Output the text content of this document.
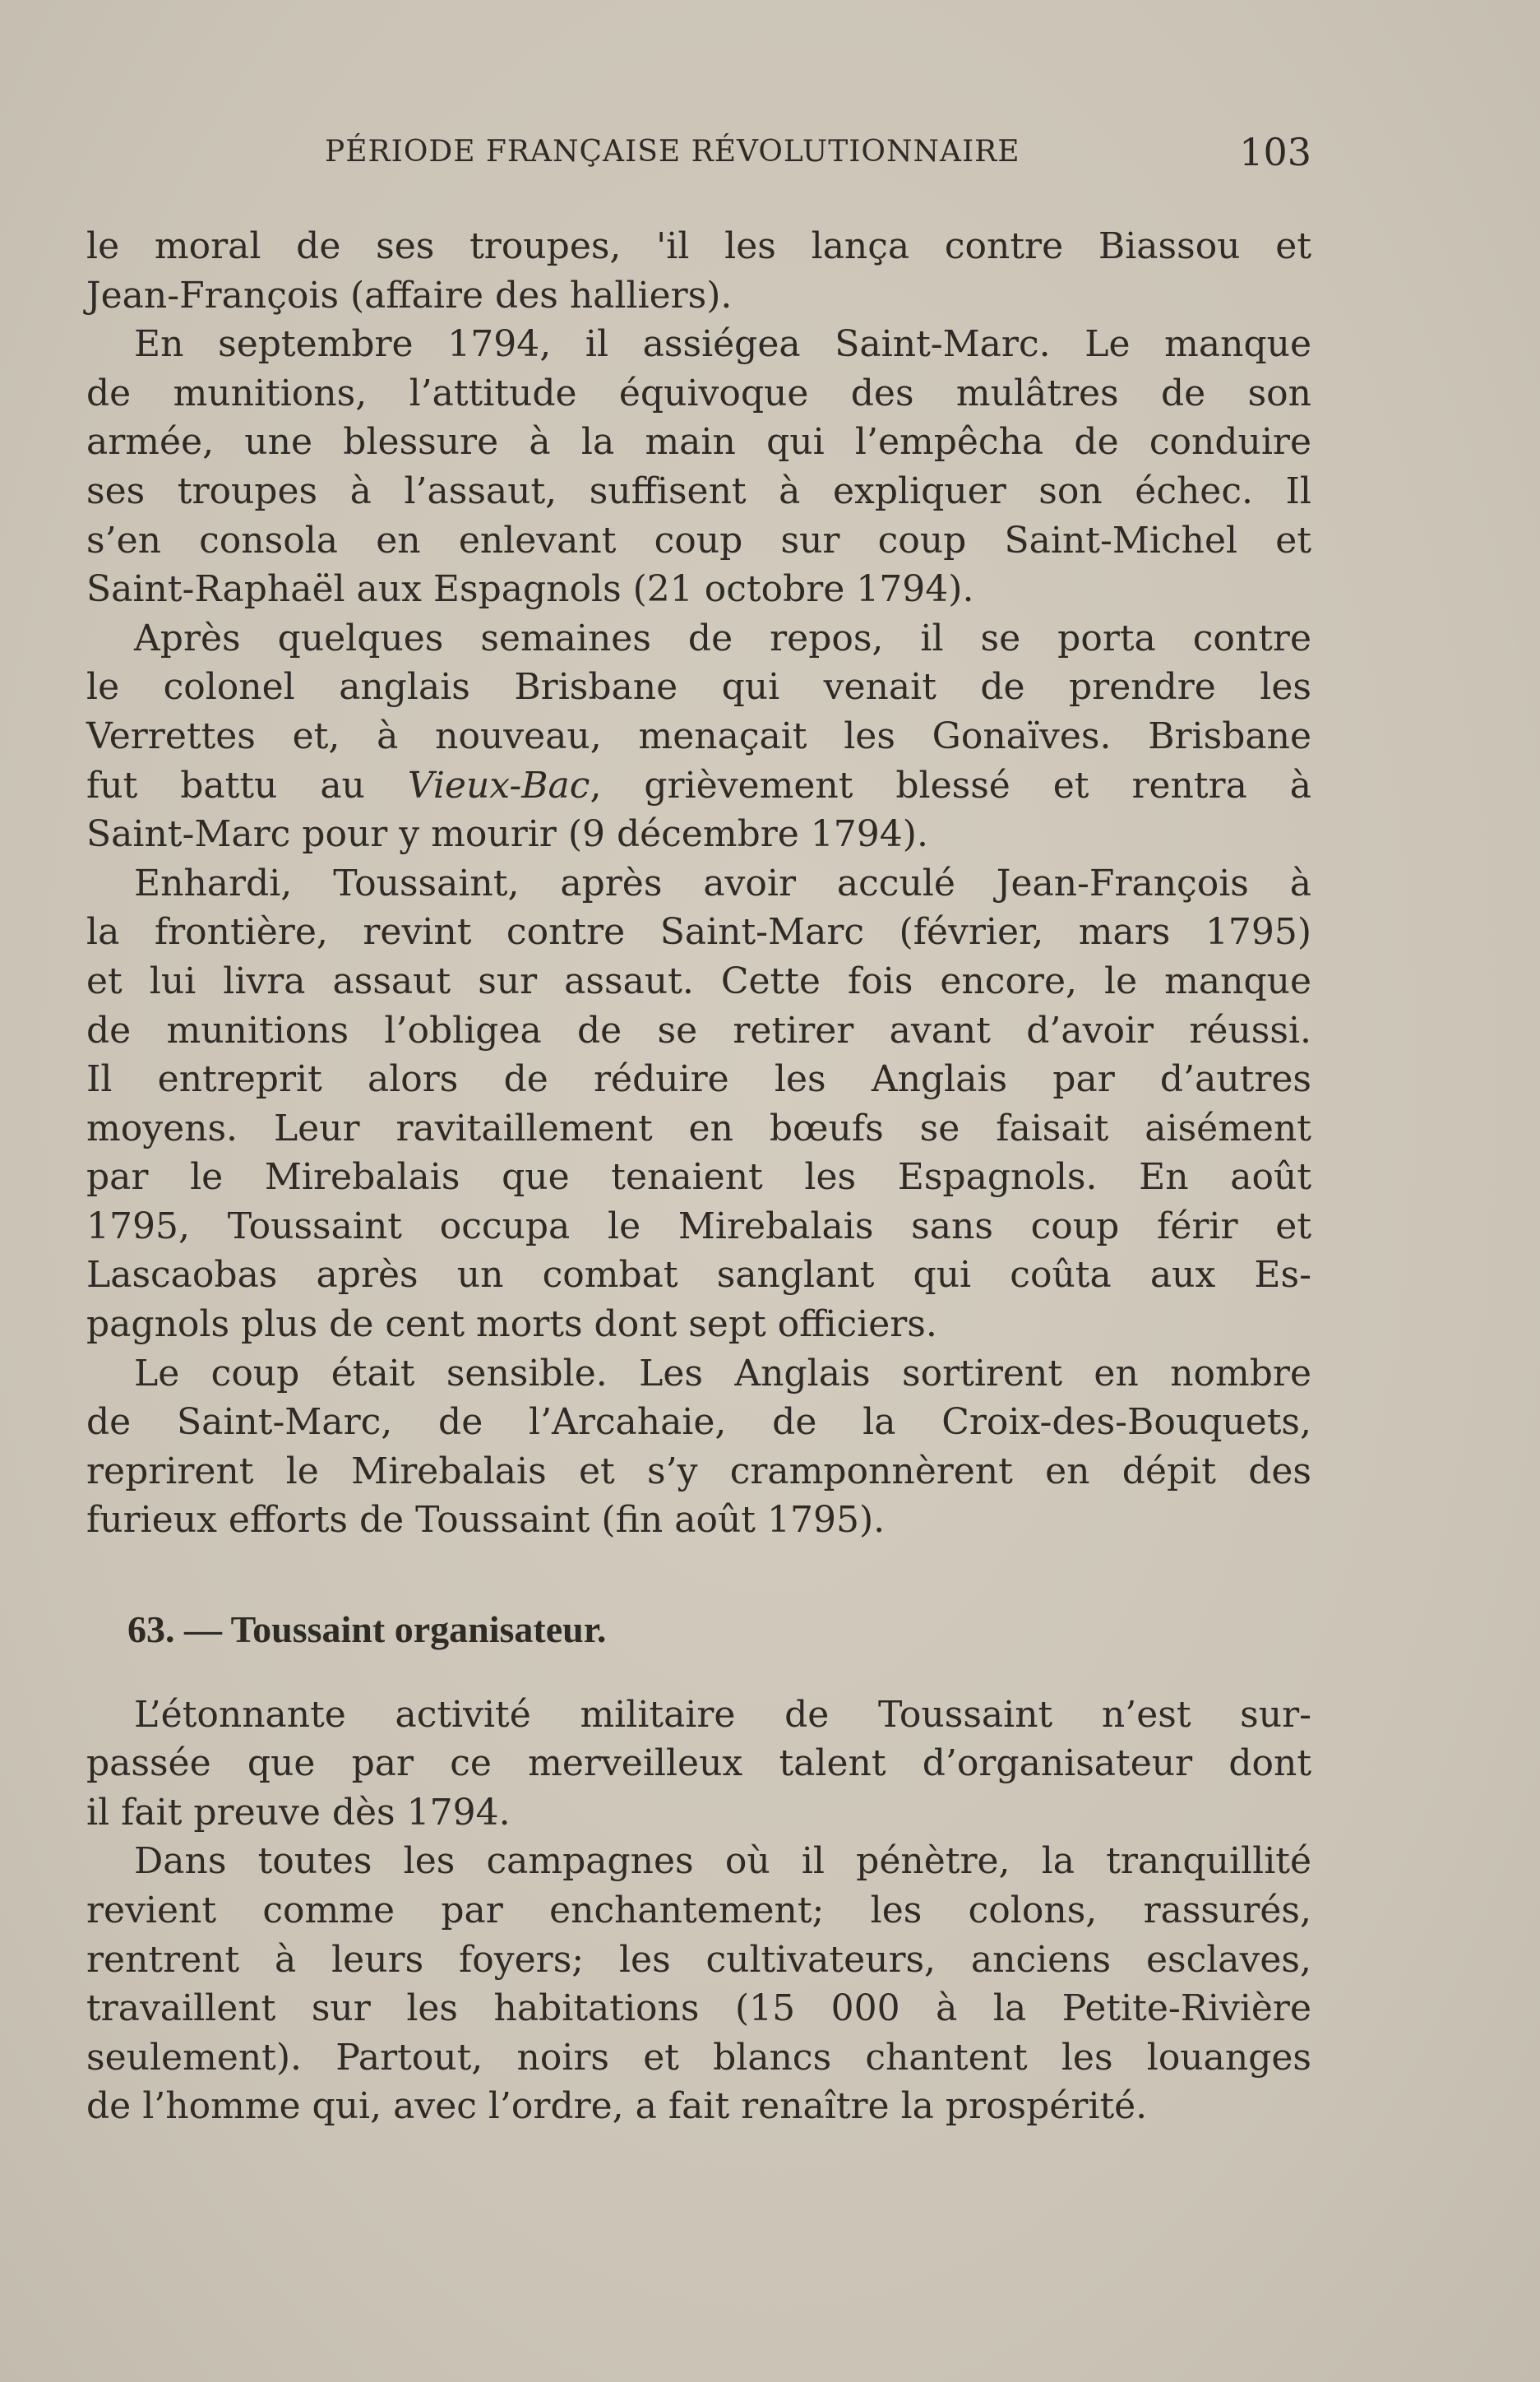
PÉRIODE FRANÇAISE RÉVOLUTIONNAIRE	103
le moral de ses troupes, 'il les lança contre Biassou et
Jean-François (affaire des halliers).
En septembre 1794, il assiégea Saint-Marc. Le manque
de munitions, l’attitude équivoque des mulâtres de son
armée, une blessure à la main qui l’empêcha de conduire
ses troupes à l’assaut, suffisent à expliquer son échec. Il
s’en consola en enlevant coup sur coup Saint-Michel et
Saint-Raphaël aux Espagnols (21 octobre 1794).
Après quelques semaines de repos, il se porta contre
le colonel anglais Brisbane qui venait de prendre les
Verrettes et, à nouveau, menaçait les Gonaïves. Brisbane
fut battu au Vieux-Bac, grièvement blessé et rentra à
Saint-Marc pour y mourir (9 décembre 1794).
Enhardi, Toussaint, après avoir acculé Jean-François à
la frontière, revint contre Saint-Marc (février, mars 1795)
et lui livra assaut sur assaut. Cette fois encore, le manque
de munitions l’obligea de se retirer avant d’avoir réussi.
Il entreprit alors de réduire les Anglais par d’autres
moyens. Leur ravitaillement en bœufs se faisait aisément
par le Mirebalais que tenaient les Espagnols. En août
1795, Toussaint occupa le Mirebalais sans coup férir et
Lascaobas après un combat sanglant qui coûta aux Es-
pagnols plus de cent morts dont sept officiers.
Le coup était sensible. Les Anglais sortirent en nombre
de Saint-Marc, de l’Arcahaie, de la Croix-des-Bouquets,
reprirent le Mirebalais et s’y cramponnèrent en dépit des
furieux efforts de Toussaint (fin août 1795).
63. — Toussaint organisateur.
L’étonnante activité militaire de Toussaint n’est sur-
passée que par ce merveilleux talent d’organisateur dont
il fait preuve dès 1794.
Dans toutes les campagnes où il pénètre, la tranquillité
revient comme par enchantement; les colons, rassurés,
rentrent à leurs foyers; les cultivateurs, anciens esclaves,
travaillent sur les habitations (15 000 à la Petite-Rivière
seulement). Partout, noirs et blancs chantent les louanges
de l’homme qui, avec l’ordre, a fait renaître la prospérité.
